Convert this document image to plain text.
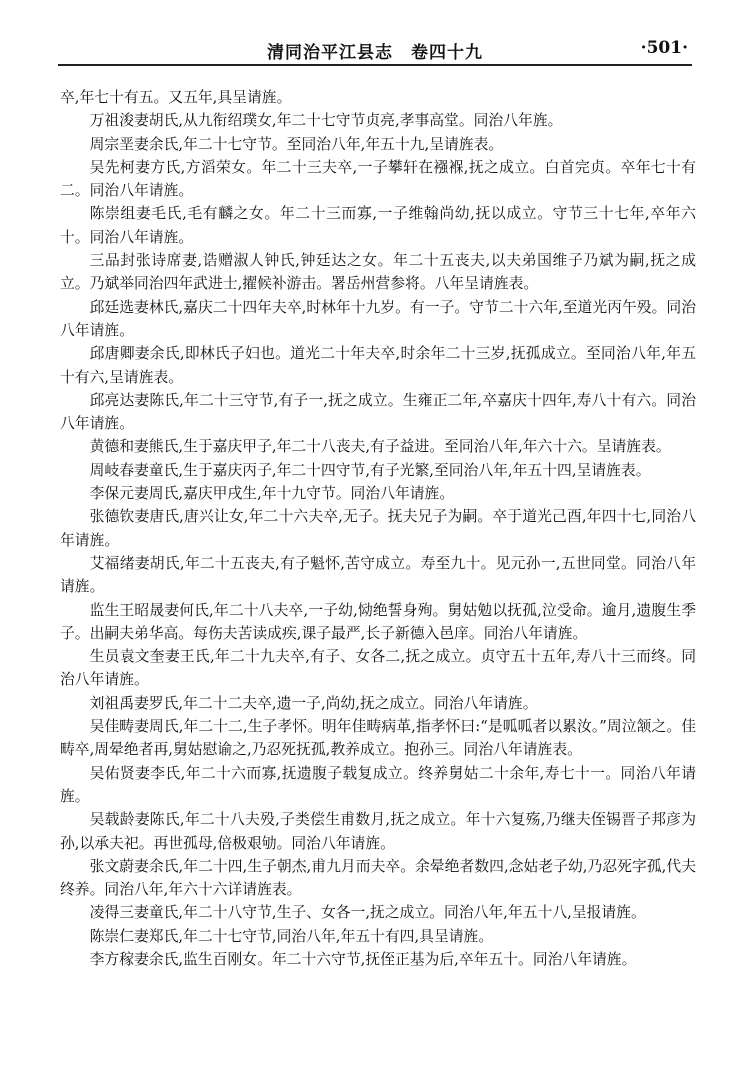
清同治平江县志　卷四十九	·501·

卒,年七十有五。又五年,具呈请旌。

万祖浚妻胡氏,从九衔绍璞女,年二十七守节贞亮,孝事高堂。同治八年旌。

周宗垩妻余氏,年二十七守节。至同治八年,年五十九,呈请旌表。

吴先柯妻方氏,方滔荣女。年二十三夫卒,一子攀轩在襁褓,抚之成立。白首完贞。卒年七十有二。同治八年请旌。

陈崇组妻毛氏,毛有麟之女。年二十三而寡,一子维翰尚幼,抚以成立。守节三十七年,卒年六十。同治八年请旌。

三品封张诗席妻,诰赠淑人钟氏,钟廷达之女。年二十五丧夫,以夫弟国维子乃斌为嗣,抚之成立。乃斌举同治四年武进士,擢候补游击。署岳州营参将。八年呈请旌表。

邱廷选妻林氏,嘉庆二十四年夫卒,时林年十九岁。有一子。守节二十六年,至道光丙午殁。同治八年请旌。

邱唐卿妻余氏,即林氏子妇也。道光二十年夫卒,时余年二十三岁,抚孤成立。至同治八年,年五十有六,呈请旌表。

邱亮达妻陈氏,年二十三守节,有子一,抚之成立。生雍正二年,卒嘉庆十四年,寿八十有六。同治八年请旌。

黄德和妻熊氏,生于嘉庆甲子,年二十八丧夫,有子益进。至同治八年,年六十六。呈请旌表。

周岐春妻童氏,生于嘉庆丙子,年二十四守节,有子光繁,至同治八年,年五十四,呈请旌表。

李保元妻周氏,嘉庆甲戌生,年十九守节。同治八年请旌。

张德钦妻唐氏,唐兴让女,年二十六夫卒,无子。抚夫兄子为嗣。卒于道光己酉,年四十七,同治八年请旌。

艾福绪妻胡氏,年二十五丧夫,有子魁怀,苦守成立。寿至九十。见元孙一,五世同堂。同治八年请旌。

监生王昭晟妻何氏,年二十八夫卒,一子幼,恸绝誓身殉。舅姑勉以抚孤,泣受命。逾月,遗腹生季子。出嗣夫弟华高。每伤夫苦读成疾,课子最严,长子新德入邑庠。同治八年请旌。

生员袁文奎妻王氏,年二十九夫卒,有子、女各二,抚之成立。贞守五十五年,寿八十三而终。同治八年请旌。

刘祖禹妻罗氏,年二十二夫卒,遗一子,尚幼,抚之成立。同治八年请旌。

吴佳畴妻周氏,年二十二,生子孝怀。明年佳畴病革,指孝怀曰:“是呱呱者以累汝。”周泣颔之。佳畴卒,周晕绝者再,舅姑慰谕之,乃忍死抚孤,教养成立。抱孙三。同治八年请旌表。

吴佑贤妻李氏,年二十六而寡,抚遗腹子载复成立。终养舅姑二十余年,寿七十一。同治八年请旌。

吴载龄妻陈氏,年二十八夫殁,子类偿生甫数月,抚之成立。年十六复殇,乃继夫侄锡晋子邦彦为孙,以承夫祀。再世孤母,倍极艰劬。同治八年请旌。

张文蔚妻余氏,年二十四,生子朝杰,甫九月而夫卒。余晕绝者数四,念姑老子幼,乃忍死字孤,代夫终养。同治八年,年六十六详请旌表。

凌得三妻童氏,年二十八守节,生子、女各一,抚之成立。同治八年,年五十八,呈报请旌。

陈崇仁妻郑氏,年二十七守节,同治八年,年五十有四,具呈请旌。

李方稼妻余氏,监生百刚女。年二十六守节,抚侄正基为后,卒年五十。同治八年请旌。
